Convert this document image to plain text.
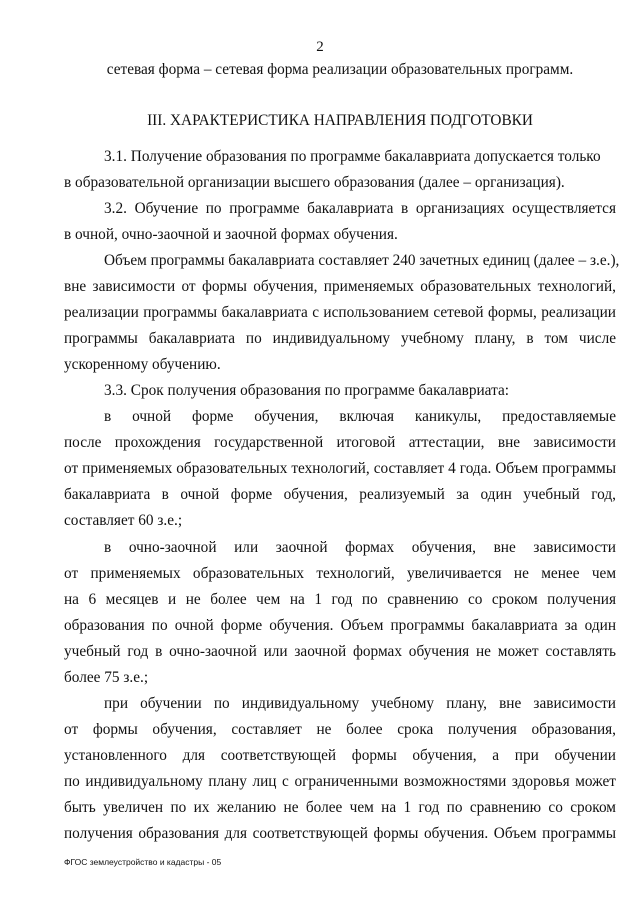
2
сетевая форма – сетевая форма реализации образовательных программ.
III. ХАРАКТЕРИСТИКА НАПРАВЛЕНИЯ ПОДГОТОВКИ
3.1. Получение образования по программе бакалавриата допускается только
в образовательной организации высшего образования (далее – организация).
3.2. Обучение по программе бакалавриата в организациях осуществляется
в очной, очно-заочной и заочной формах обучения.
Объем программы бакалавриата составляет 240 зачетных единиц (далее – з.е.),
вне зависимости от формы обучения, применяемых образовательных технологий,
реализации программы бакалавриата с использованием сетевой формы, реализации
программы бакалавриата по индивидуальному учебному плану, в том числе
ускоренному обучению.
3.3. Срок получения образования по программе бакалавриата:
в очной форме обучения, включая каникулы, предоставляемые
после прохождения государственной итоговой аттестации, вне зависимости
от применяемых образовательных технологий, составляет 4 года. Объем программы
бакалавриата в очной форме обучения, реализуемый за один учебный год,
составляет 60 з.е.;
в очно-заочной или заочной формах обучения, вне зависимости
от применяемых образовательных технологий, увеличивается не менее чем
на 6 месяцев и не более чем на 1 год по сравнению со сроком получения
образования по очной форме обучения. Объем программы бакалавриата за один
учебный год в очно-заочной или заочной формах обучения не может составлять
более 75 з.е.;
при обучении по индивидуальному учебному плану, вне зависимости
от формы обучения, составляет не более срока получения образования,
установленного для соответствующей формы обучения, а при обучении
по индивидуальному плану лиц с ограниченными возможностями здоровья может
быть увеличен по их желанию не более чем на 1 год по сравнению со сроком
получения образования для соответствующей формы обучения. Объем программы
ФГОС землеустройство и кадастры - 05
